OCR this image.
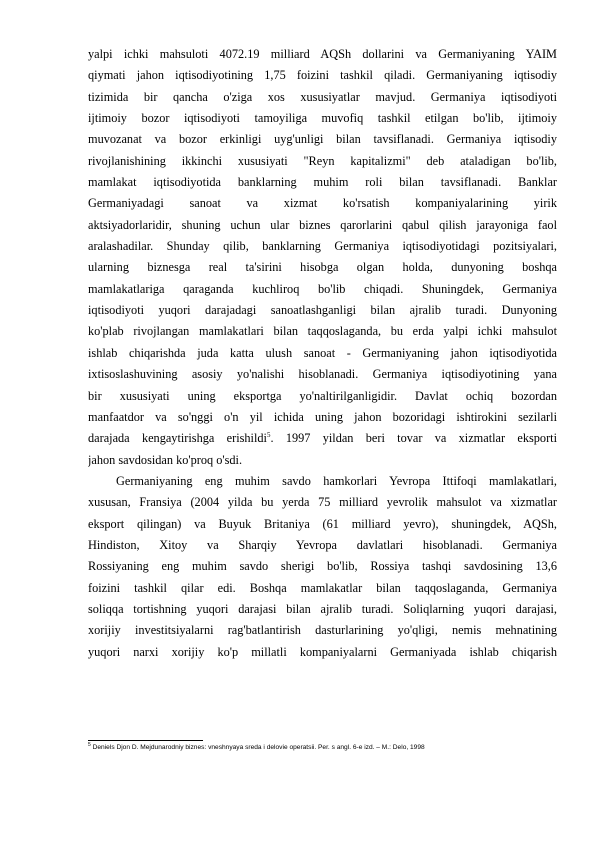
yalpi ichki mahsuloti 4072.19 milliard AQSh dollarini va Germaniyaning YAIM
qiymati jahon iqtisodiyotining 1,75 foizini tashkil qiladi. Germaniyaning iqtisodiy
tizimida bir qancha o'ziga xos xususiyatlar mavjud. Germaniya iqtisodiyoti
ijtimoiy bozor iqtisodiyoti tamoyiliga muvofiq tashkil etilgan bo'lib, ijtimoiy
muvozanat va bozor erkinligi uyg'unligi bilan tavsiflanadi. Germaniya iqtisodiy
rivojlanishining ikkinchi xususiyati "Reyn kapitalizmi" deb ataladigan bo'lib,
mamlakat iqtisodiyotida banklarning muhim roli bilan tavsiflanadi. Banklar
Germaniyadagi sanoat va xizmat ko'rsatish kompaniyalarining yirik
aktsiyadorlaridir, shuning uchun ular biznes qarorlarini qabul qilish jarayoniga faol
aralashadilar. Shunday qilib, banklarning Germaniya iqtisodiyotidagi pozitsiyalari,
ularning biznesga real ta'sirini hisobga olgan holda, dunyoning boshqa
mamlakatlariga qaraganda kuchliroq bo'lib chiqadi. Shuningdek, Germaniya
iqtisodiyoti yuqori darajadagi sanoatlashganligi bilan ajralib turadi. Dunyoning
ko'plab rivojlangan mamlakatlari bilan taqqoslaganda, bu erda yalpi ichki mahsulot
ishlab chiqarishda juda katta ulush sanoat - Germaniyaning jahon iqtisodiyotida
ixtisoslashuvining asosiy yo'nalishi hisoblanadi. Germaniya iqtisodiyotining yana
bir xususiyati uning eksportga yo'naltirilganligidir. Davlat ochiq bozordan
manfaatdor va so'nggi o'n yil ichida uning jahon bozoridagi ishtirokini sezilarli
darajada kengaytirishga erishildi$^5$. 1997 yildan beri tovar va xizmatlar eksporti
jahon savdosidan ko'proq o'sdi.
Germaniyaning eng muhim savdo hamkorlari Yevropa Ittifoqi mamlakatlari,
xususan, Fransiya (2004 yilda bu yerda 75 milliard yevrolik mahsulot va xizmatlar
eksport qilingan) va Buyuk Britaniya (61 milliard yevro), shuningdek, AQSh,
Hindiston, Xitoy va Sharqiy Yevropa davlatlari hisoblanadi. Germaniya
Rossiyaning eng muhim savdo sherigi bo'lib, Rossiya tashqi savdosining 13,6
foizini tashkil qilar edi. Boshqa mamlakatlar bilan taqqoslaganda, Germaniya
soliqqa tortishning yuqori darajasi bilan ajralib turadi. Soliqlarning yuqori darajasi,
xorijiy investitsiyalarni rag'batlantirish dasturlarining yo'qligi, nemis mehnatining
yuqori narxi xorijiy ko'p millatli kompaniyalarni Germaniyada ishlab chiqarish
$^5$ Deniels Djon D. Mejdunarodniy biznes: vneshnyaya sreda i delovie operatsii. Per. s angl. 6-e izd. – M.: Delo, 1998
